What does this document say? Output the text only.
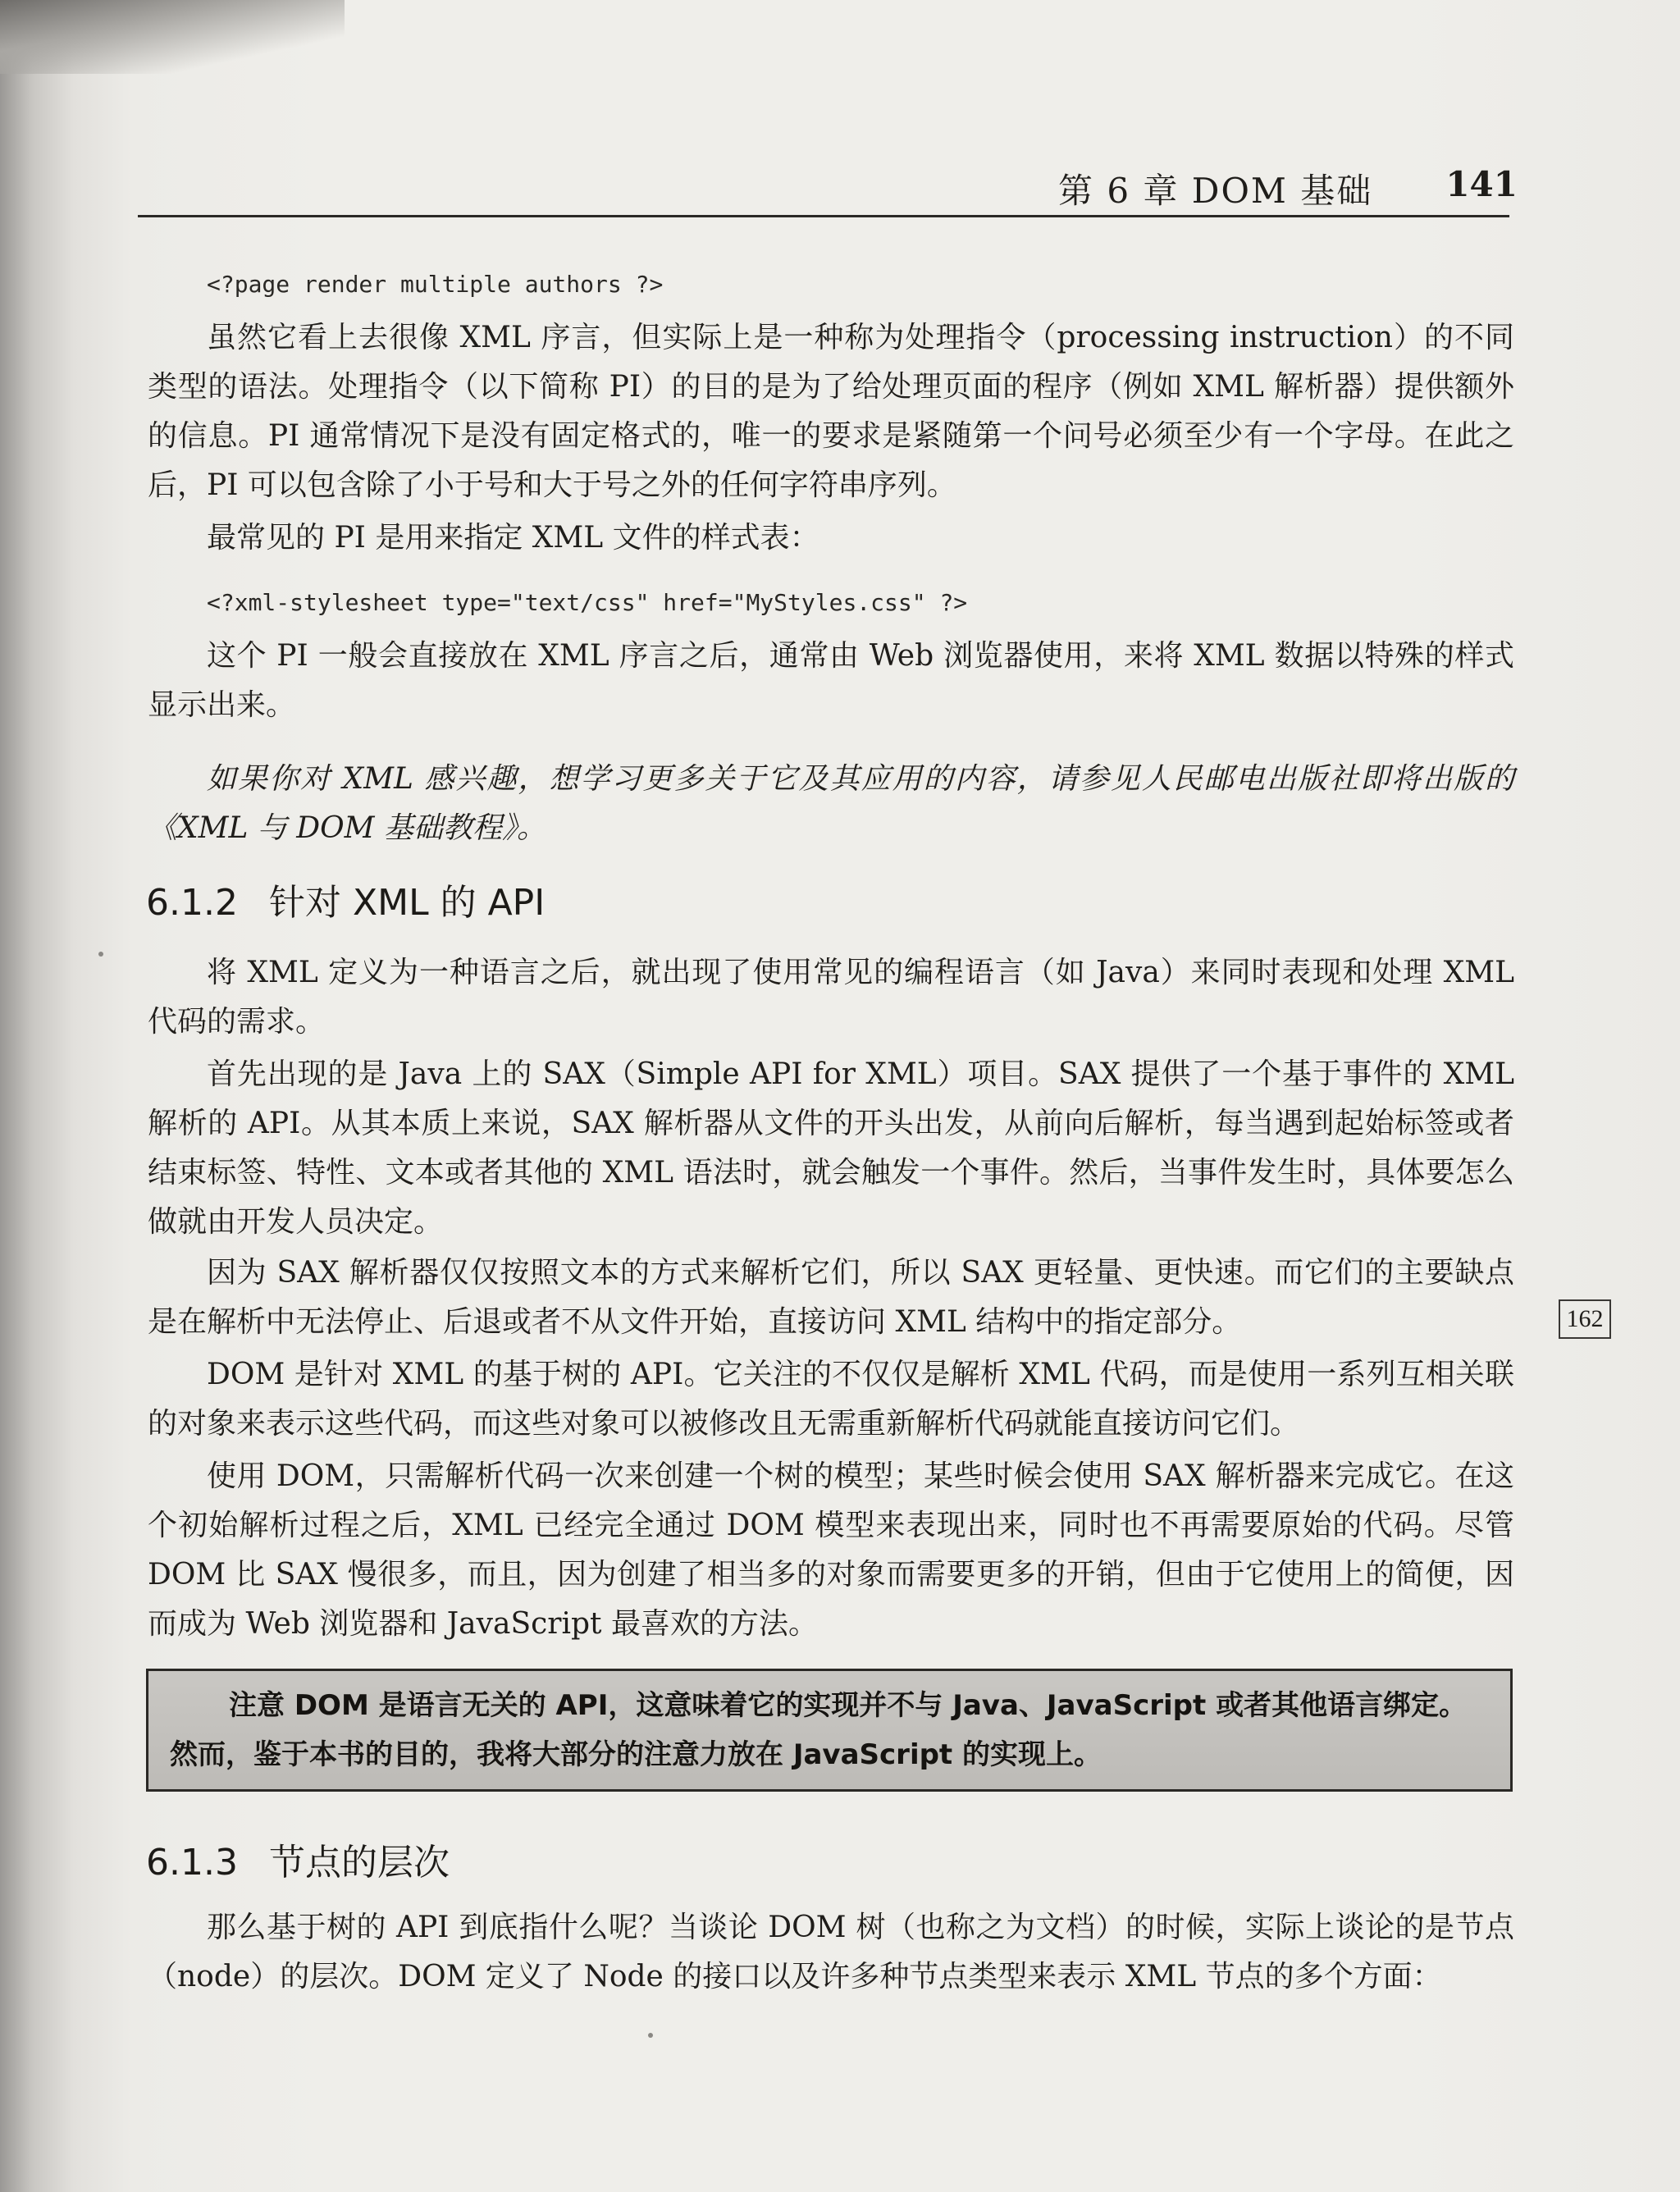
第 6 章 DOM 基础 141
<?page render multiple authors ?>

虽然它看上去很像 XML 序言，但实际上是一种称为处理指令（processing instruction）的不同类型的语法。处理指令（以下简称 PI）的目的是为了给处理页面的程序（例如 XML 解析器）提供额外的信息。PI 通常情况下是没有固定格式的，唯一的要求是紧随第一个问号必须至少有一个字母。在此之后，PI 可以包含除了小于号和大于号之外的任何字符串序列。

最常见的 PI 是用来指定 XML 文件的样式表：

<?xml-stylesheet type="text/css" href="MyStyles.css" ?>

这个 PI 一般会直接放在 XML 序言之后，通常由 Web 浏览器使用，来将 XML 数据以特殊的样式显示出来。

如果你对 XML 感兴趣，想学习更多关于它及其应用的内容，请参见人民邮电出版社即将出版的《XML 与 DOM 基础教程》。

6.1.2 针对 XML 的 API

将 XML 定义为一种语言之后，就出现了使用常见的编程语言（如 Java）来同时表现和处理 XML 代码的需求。

首先出现的是 Java 上的 SAX（Simple API for XML）项目。SAX 提供了一个基于事件的 XML 解析的 API。从其本质上来说，SAX 解析器从文件的开头出发，从前向后解析，每当遇到起始标签或者结束标签、特性、文本或者其他的 XML 语法时，就会触发一个事件。然后，当事件发生时，具体要怎么做就由开发人员决定。

因为 SAX 解析器仅仅按照文本的方式来解析它们，所以 SAX 更轻量、更快速。而它们的主要缺点是在解析中无法停止、后退或者不从文件开始，直接访问 XML 结构中的指定部分。

DOM 是针对 XML 的基于树的 API。它关注的不仅仅是解析 XML 代码，而是使用一系列互相关联的对象来表示这些代码，而这些对象可以被修改且无需重新解析代码就能直接访问它们。

使用 DOM，只需解析代码一次来创建一个树的模型；某些时候会使用 SAX 解析器来完成它。在这个初始解析过程之后，XML 已经完全通过 DOM 模型来表现出来，同时也不再需要原始的代码。尽管 DOM 比 SAX 慢很多，而且，因为创建了相当多的对象而需要更多的开销，但由于它使用上的简便，因而成为 Web 浏览器和 JavaScript 最喜欢的方法。

162

注意 DOM 是语言无关的 API，这意味着它的实现并不与 Java、JavaScript 或者其他语言绑定。然而，鉴于本书的目的，我将大部分的注意力放在 JavaScript 的实现上。

6.1.3 节点的层次

那么基于树的 API 到底指什么呢？当谈论 DOM 树（也称之为文档）的时候，实际上谈论的是节点（node）的层次。DOM 定义了 Node 的接口以及许多种节点类型来表示 XML 节点的多个方面：
